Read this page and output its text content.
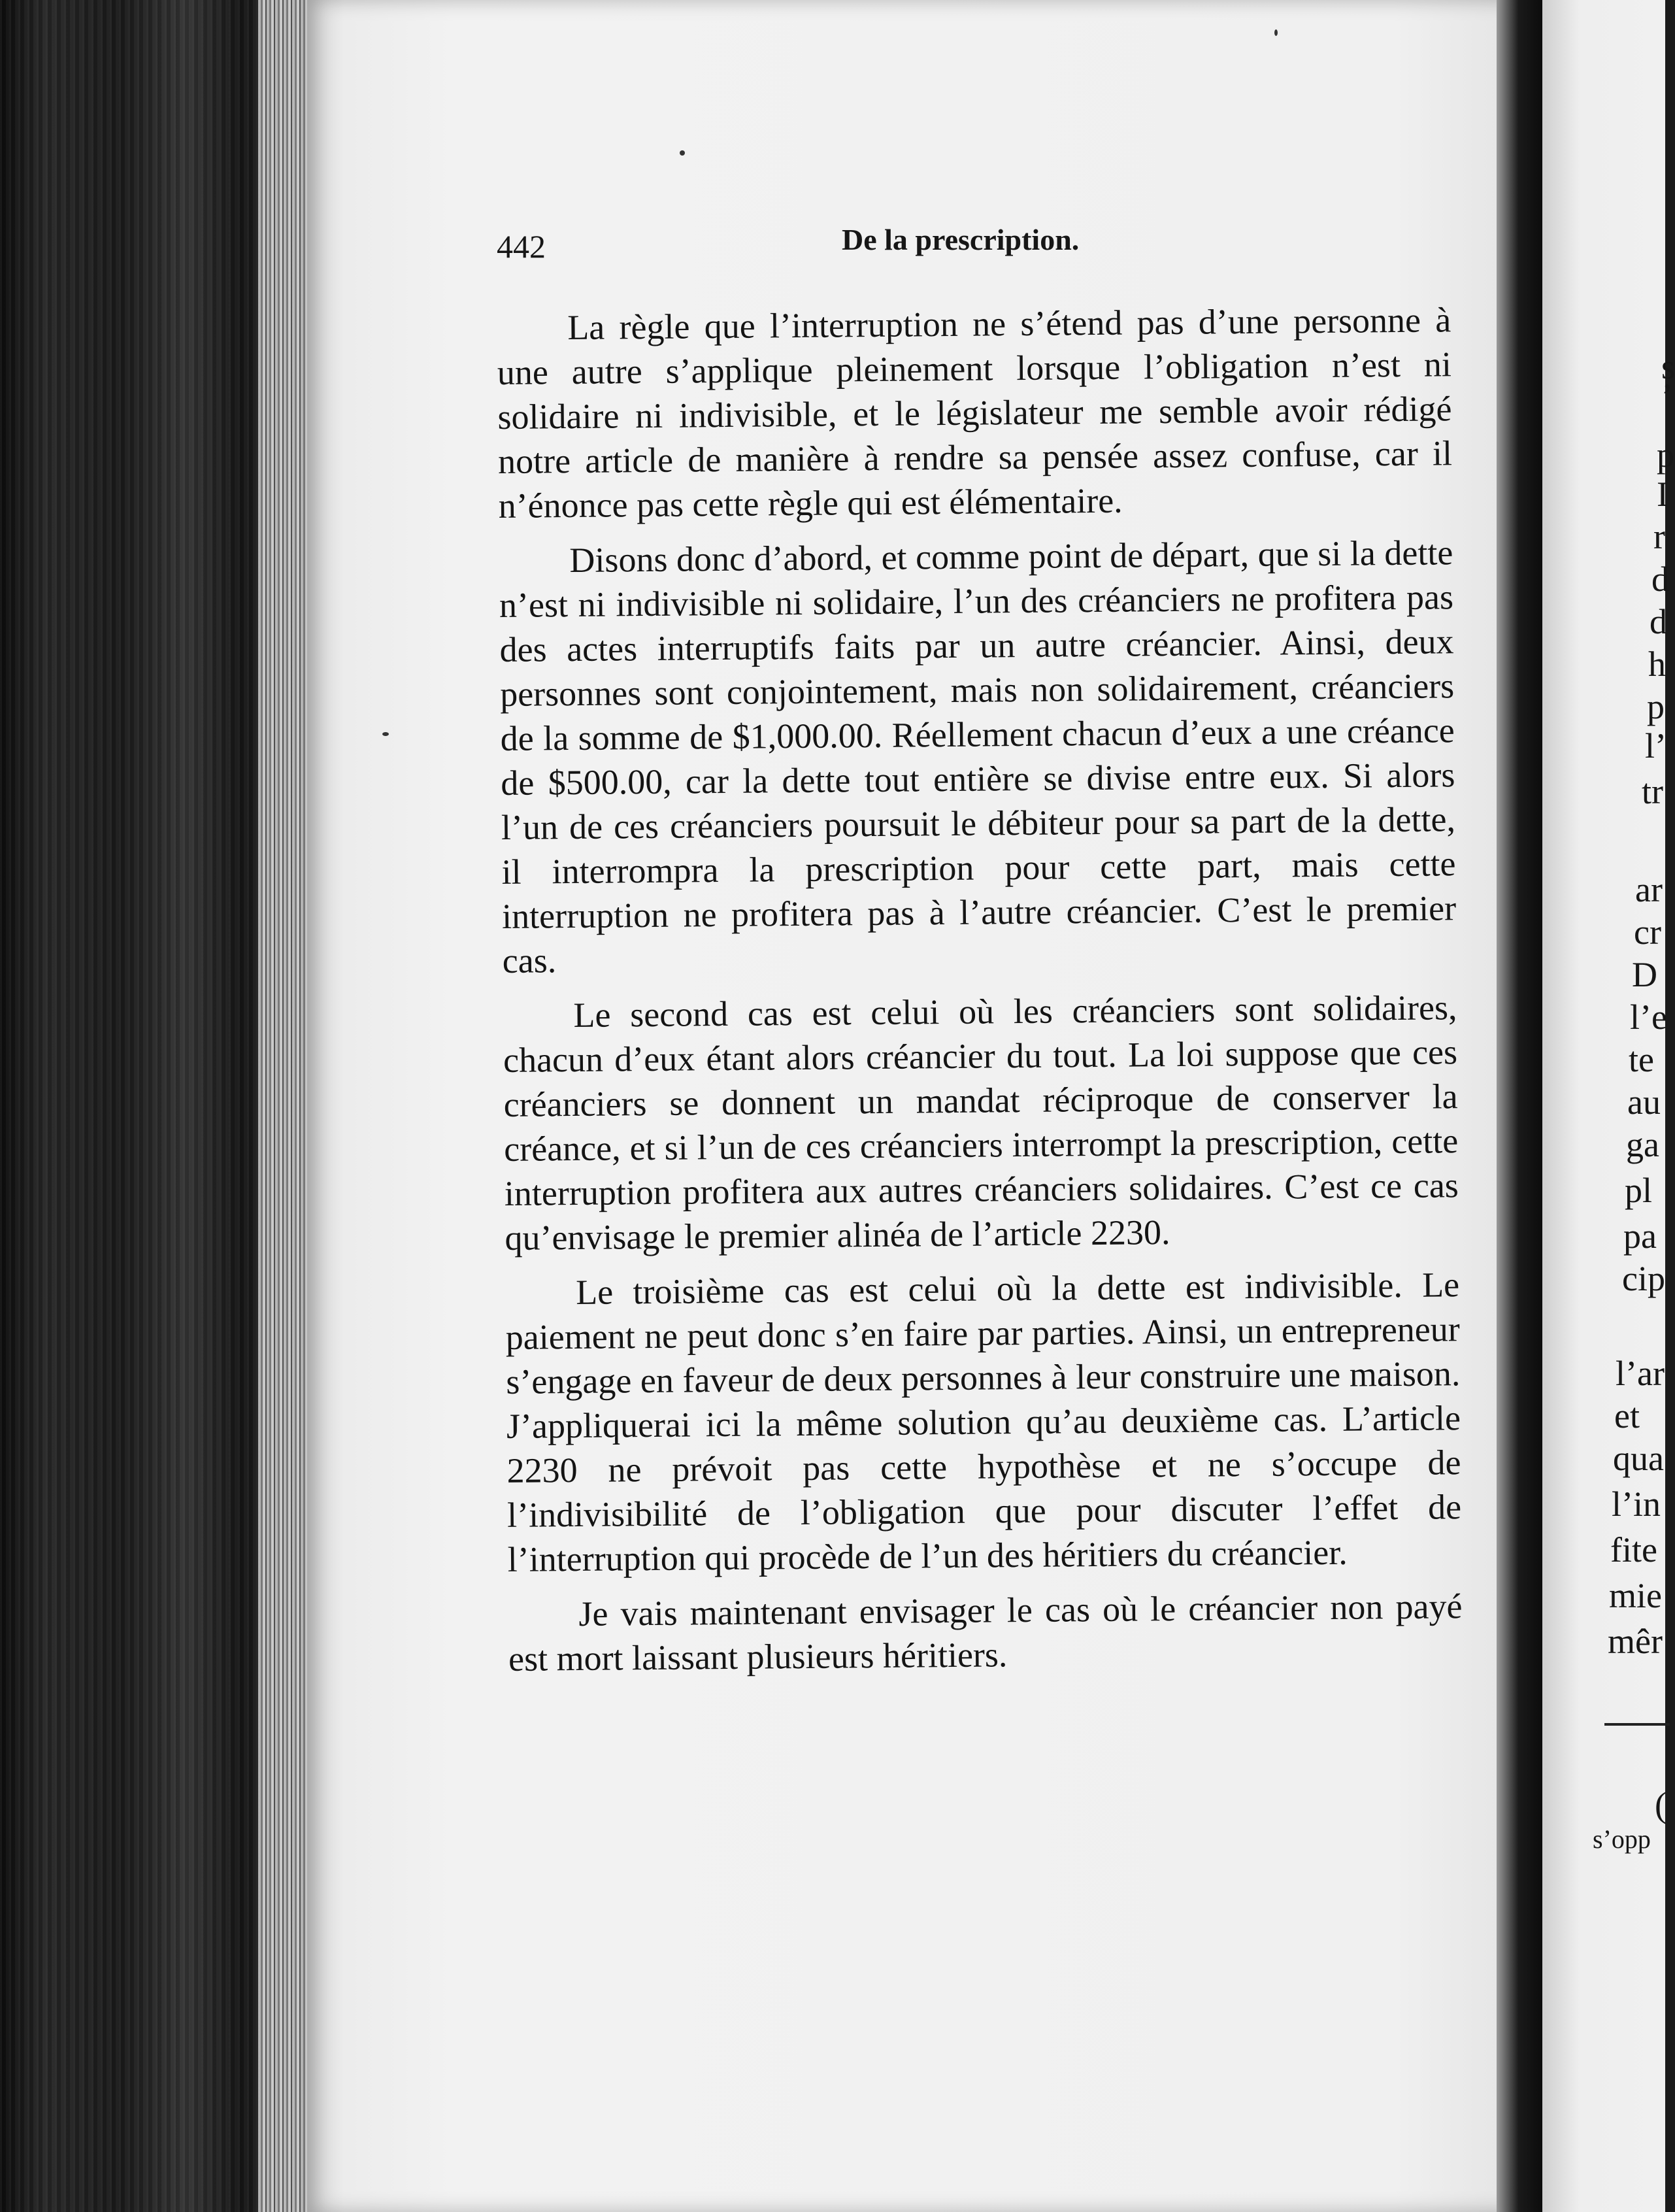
442	De la prescription.

La règle que l’interruption ne s’étend pas d’une personne à une autre s’applique pleinement lorsque l’obligation n’est ni solidaire ni indivisible, et le législateur me semble avoir rédigé notre article de manière à rendre sa pensée assez confuse, car il n’énonce pas cette règle qui est élémentaire.

Disons donc d’abord, et comme point de départ, que si la dette n’est ni indivisible ni solidaire, l’un des créanciers ne profitera pas des actes interruptifs faits par un autre créancier. Ainsi, deux personnes sont conjointement, mais non solidairement, créanciers de la somme de $1,000.00. Réellement chacun d’eux a une créance de $500.00, car la dette tout entière se divise entre eux. Si alors l’un de ces créanciers poursuit le débiteur pour sa part de la dette, il interrompra la prescription pour cette part, mais cette interruption ne profitera pas à l’autre créancier. C’est le premier cas.

Le second cas est celui où les créanciers sont solidaires, chacun d’eux étant alors créancier du tout. La loi suppose que ces créanciers se donnent un mandat réciproque de conserver la créance, et si l’un de ces créanciers interrompt la prescription, cette interruption profitera aux autres créanciers solidaires. C’est ce cas qu’envisage le premier alinéa de l’article 2230.

Le troisième cas est celui où la dette est indivisible. Le paiement ne peut donc s’en faire par parties. Ainsi, un entrepreneur s’engage en faveur de deux personnes à leur construire une maison. J’appliquerai ici la même solution qu’au deuxième cas. L’article 2230 ne prévoit pas cette hypothèse et ne s’occupe de l’indivisibilité de l’obligation que pour discuter l’effet de l’interruption qui procède de l’un des héritiers du créancier.

Je vais maintenant envisager le cas où le créancier non payé est mort laissant plusieurs héritiers.

s
’
p
I
r
d
d
h
p
l’
tr
ar
cr
D
l’e
te
au
ga
pl
pa
cip
l’ar
et
qua
l’in
fite
mie
mêr
(
s’opp
